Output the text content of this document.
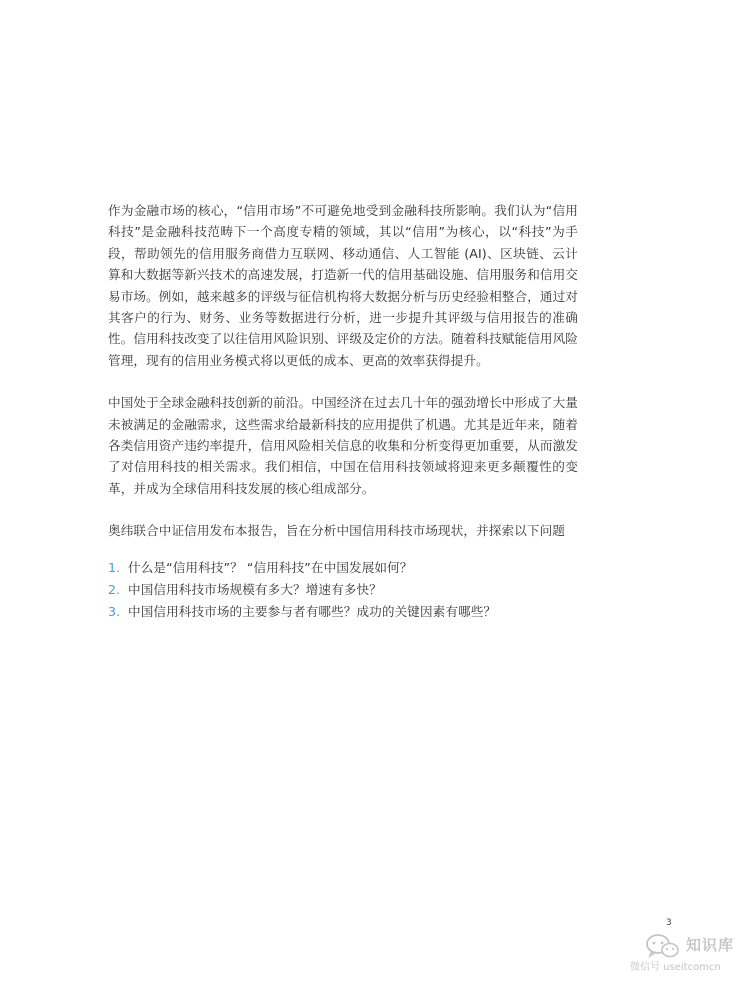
作为金融市场的核心，“信用市场”不可避免地受到金融科技所影响。我们认为“信用科技”是金融科技范畴下一个高度专精的领域，其以“信用”为核心，以“科技”为手段，帮助领先的信用服务商借力互联网、移动通信、人工智能 (AI)、区块链、云计算和大数据等新兴技术的高速发展，打造新一代的信用基础设施、信用服务和信用交易市场。例如，越来越多的评级与征信机构将大数据分析与历史经验相整合，通过对其客户的行为、财务、业务等数据进行分析，进一步提升其评级与信用报告的准确性。信用科技改变了以往信用风险识别、评级及定价的方法。随着科技赋能信用风险管理，现有的信用业务模式将以更低的成本、更高的效率获得提升。

中国处于全球金融科技创新的前沿。中国经济在过去几十年的强劲增长中形成了大量未被满足的金融需求，这些需求给最新科技的应用提供了机遇。尤其是近年来，随着各类信用资产违约率提升，信用风险相关信息的收集和分析变得更加重要，从而激发了对信用科技的相关需求。我们相信，中国在信用科技领域将迎来更多颠覆性的变革，并成为全球信用科技发展的核心组成部分。

奥纬联合中证信用发布本报告，旨在分析中国信用科技市场现状，并探索以下问题

1. 什么是“信用科技”？ “信用科技”在中国发展如何？
2. 中国信用科技市场规模有多大？增速有多快？
3. 中国信用科技市场的主要参与者有哪些？成功的关键因素有哪些？
3
知识库
微信号 useitcomcn
